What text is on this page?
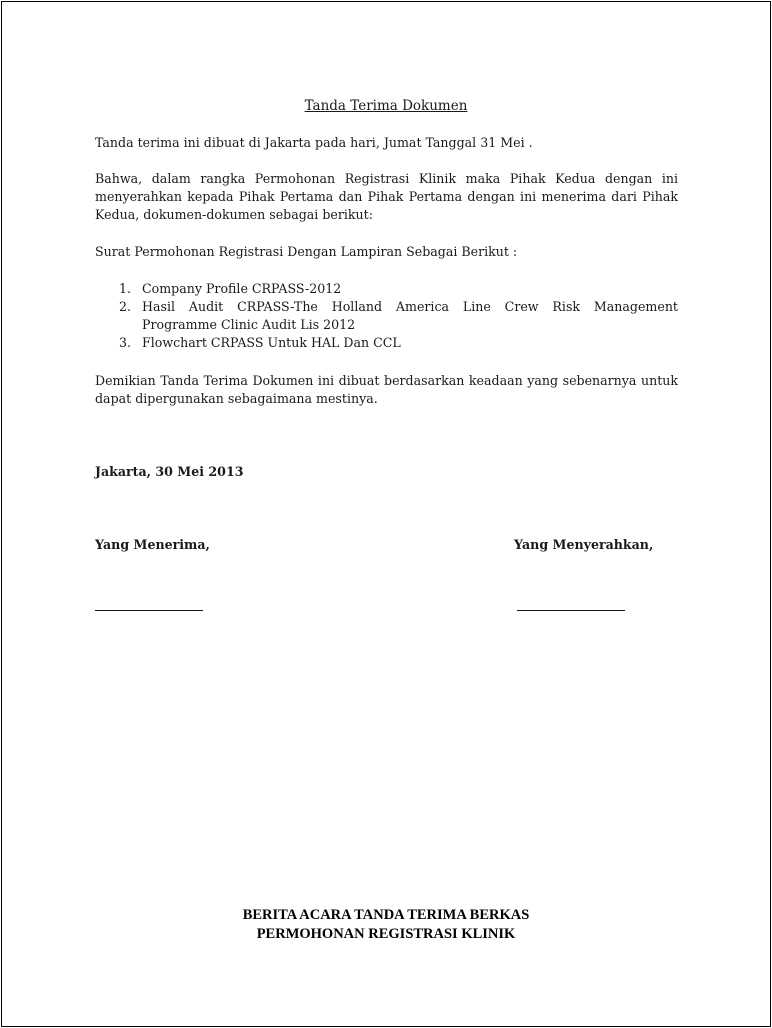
Tanda Terima Dokumen

Tanda terima ini dibuat di Jakarta pada hari, Jumat Tanggal 31 Mei .

Bahwa, dalam rangka Permohonan Registrasi Klinik maka Pihak Kedua dengan ini menyerahkan kepada Pihak Pertama dan Pihak Pertama dengan ini menerima dari Pihak Kedua, dokumen-dokumen sebagai berikut:

Surat Permohonan Registrasi Dengan Lampiran Sebagai Berikut :

1. Company Profile CRPASS-2012
2. Hasil Audit CRPASS-The Holland America Line Crew Risk Management Programme Clinic Audit Lis 2012
3. Flowchart CRPASS Untuk HAL Dan CCL

Demikian Tanda Terima Dokumen ini dibuat berdasarkan keadaan yang sebenarnya untuk dapat dipergunakan sebagaimana mestinya.

Jakarta, 30 Mei 2013

Yang Menerima,	Yang Menyerahkan,

BERITA ACARA TANDA TERIMA BERKAS
PERMOHONAN REGISTRASI KLINIK
